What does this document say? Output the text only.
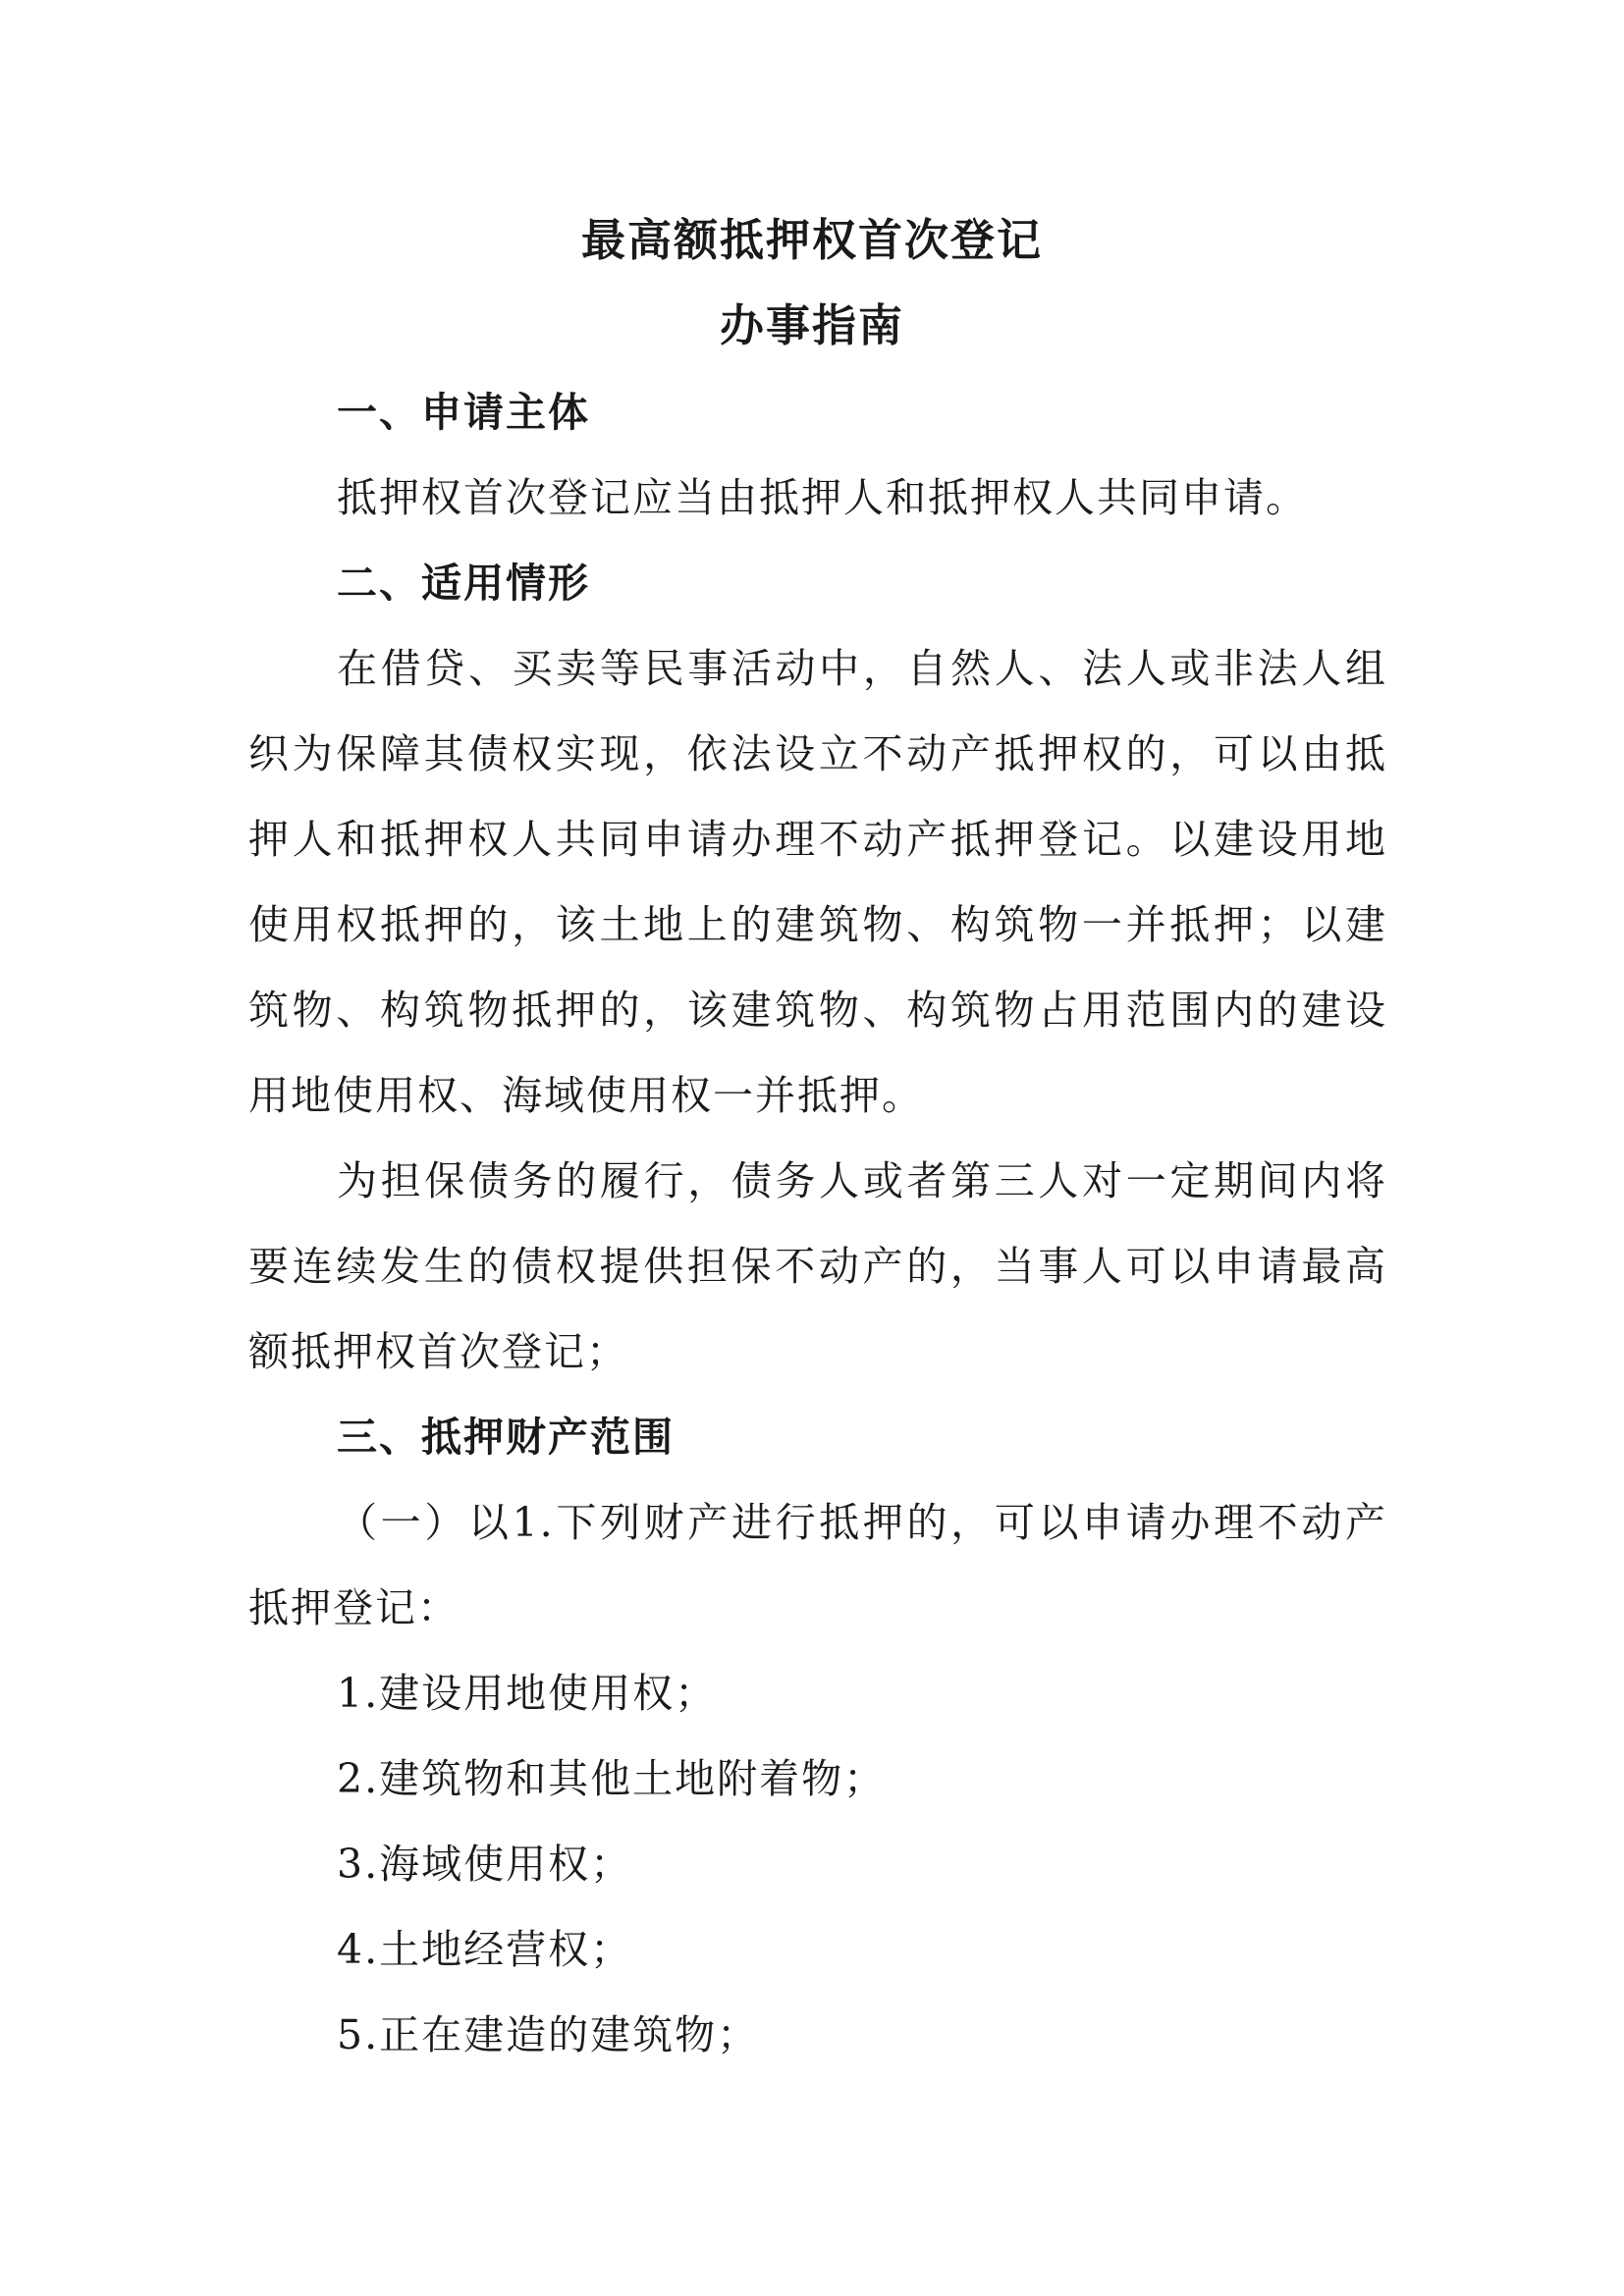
最高额抵押权首次登记
办事指南
一、申请主体
抵押权首次登记应当由抵押人和抵押权人共同申请。
二、适用情形
在借贷、买卖等民事活动中，自然人、法人或非法人组
织为保障其债权实现，依法设立不动产抵押权的，可以由抵
押人和抵押权人共同申请办理不动产抵押登记。以建设用地
使用权抵押的，该土地上的建筑物、构筑物一并抵押；以建
筑物、构筑物抵押的，该建筑物、构筑物占用范围内的建设
用地使用权、海域使用权一并抵押。
为担保债务的履行，债务人或者第三人对一定期间内将
要连续发生的债权提供担保不动产的，当事人可以申请最高
额抵押权首次登记；
三、抵押财产范围
（一）以1.下列财产进行抵押的，可以申请办理不动产
抵押登记：
1.建设用地使用权；
2.建筑物和其他土地附着物；
3.海域使用权；
4.土地经营权；
5.正在建造的建筑物；
